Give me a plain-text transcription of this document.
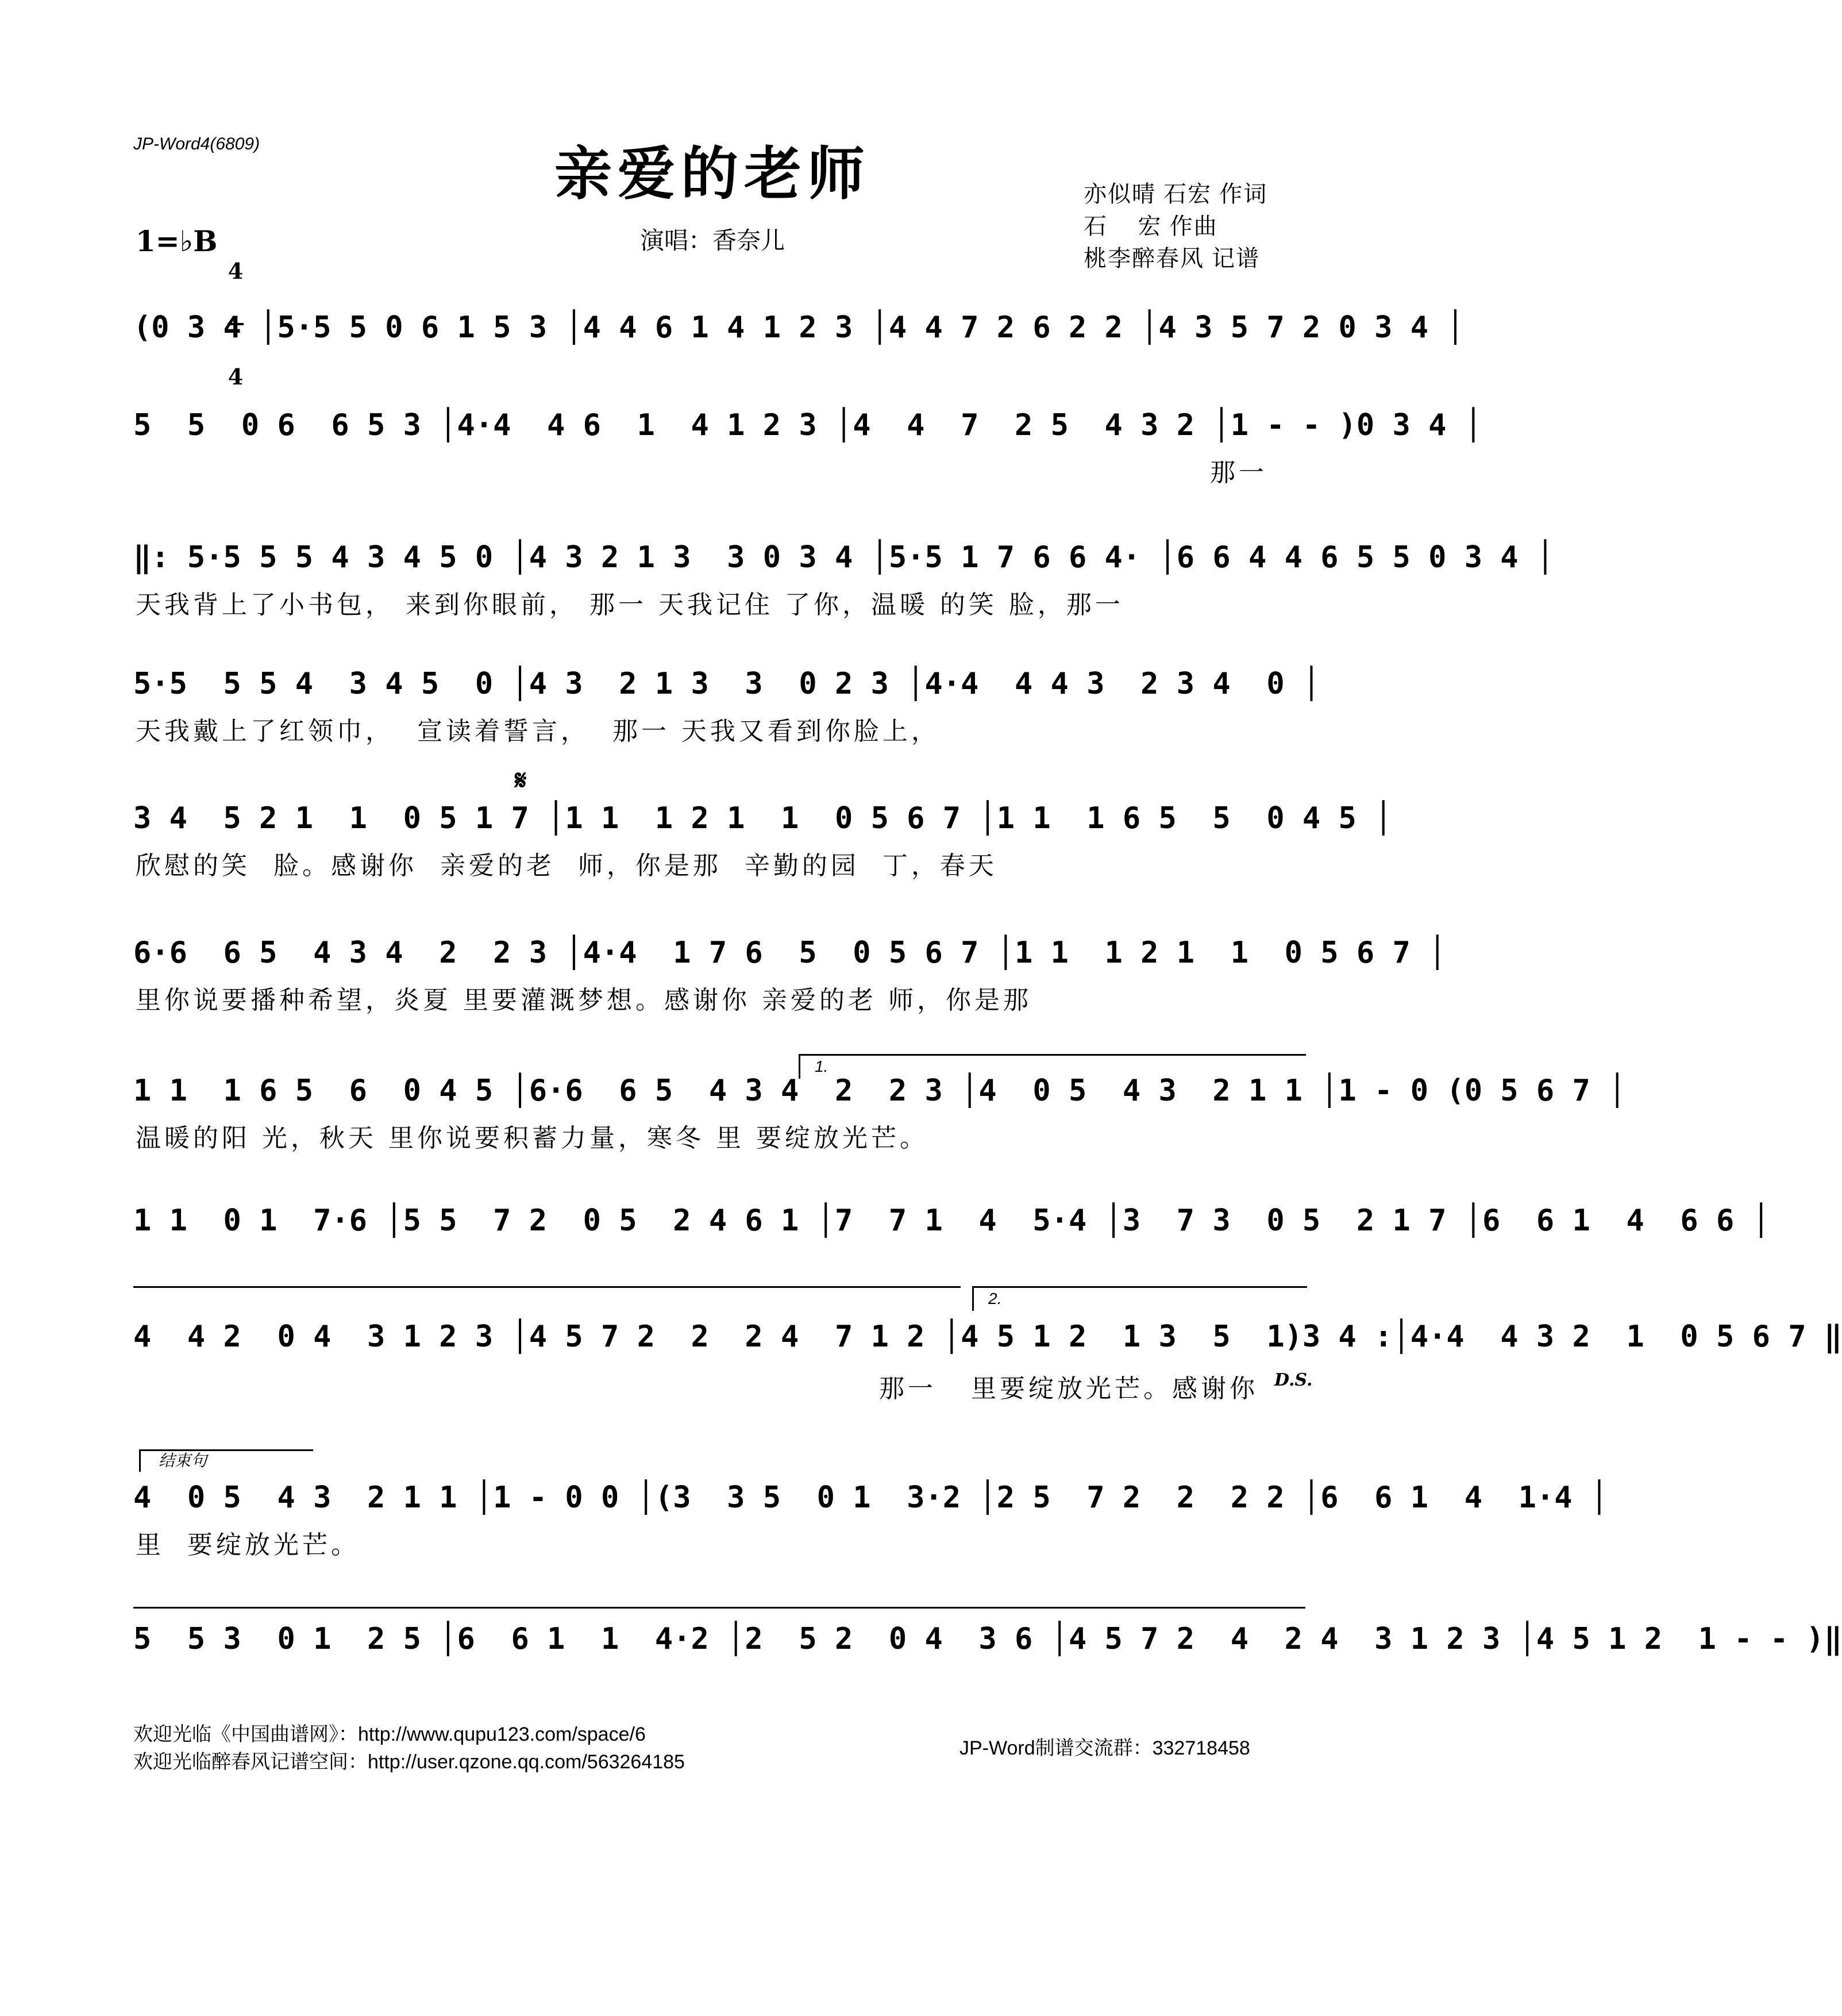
JP-Word4(6809)	亲爱的老师
演唱：香奈儿
亦似晴 石宏 作词
石    宏 作曲
桃李醉春风 记谱
1=♭B

4

4

(0 3 4 │5·5 5 0 6 1 5 3 │4 4 6 1 4 1 2 3 │4 4 7 2 6 2 2 │4 3 5 7 2 0 3 4 │
5  5  0 6  6 5 3 │4·4  4 6  1  4 1 2 3 │4  4  7  2 5  4 3 2 │1 - - )0 3 4 │
那一
‖: 5·5 5 5 4 3 4 5 0 │4 3 2 1 3  3 0 3 4 │5·5 1 7 6 6 4· │6 6 4 4 6 5 5 0 3 4 │
天我背上了小书包， 来到你眼前， 那一 天我记住 了你，温暖 的笑 脸，那一
5·5  5 5 4  3 4 5  0 │4 3  2 1 3  3  0 2 3 │4·4  4 4 3  2 3 4  0 │
天我戴上了红领巾，  宣读着誓言，  那一 天我又看到你脸上，
𝄋
3 4  5 2 1  1  0 5 1 7 │1 1  1 2 1  1  0 5 6 7 │1 1  1 6 5  5  0 4 5 │
欣慰的笑  脸。感谢你  亲爱的老  师，你是那  辛勤的园  丁，春天
6·6  6 5  4 3 4  2  2 3 │4·4  1 7 6  5  0 5 6 7 │1 1  1 2 1  1  0 5 6 7 │
里你说要播种希望，炎夏 里要灌溉梦想。感谢你 亲爱的老 师，你是那
1.
1 1  1 6 5  6  0 4 5 │6·6  6 5  4 3 4  2  2 3 │4  0 5  4 3  2 1 1 │1 - 0 (0 5 6 7 │
温暖的阳 光，秋天 里你说要积蓄力量，寒冬 里 要绽放光芒。
1 1  0 1  7·6 │5 5  7 2  0 5  2 4 6 1 │7  7 1  4  5·4 │3  7 3  0 5  2 1 7 │6  6 1  4  6 6 │
2.
4  4 2  0 4  3 1 2 3 │4 5 7 2  2  2 4  7 1 2 │4 5 1 2  1 3  5  1)3 4 :│4·4  4 3 2  1  0 5 6 7 ‖
那一   里要绽放光芒。感谢你 D.S.
结束句
4  0 5  4 3  2 1 1 │1 - 0 0 │(3  3 5  0 1  3·2 │2 5  7 2  2  2 2 │6  6 1  4  1·4 │
里  要绽放光芒。
5  5 3  0 1  2 5 │6  6 1  1  4·2 │2  5 2  0 4  3 6 │4 5 7 2  4  2 4  3 1 2 3 │4 5 1 2  1 - - )‖
欢迎光临《中国曲谱网》：http://www.qupu123.com/space/6
欢迎光临醉春风记谱空间：http://user.qzone.qq.com/563264185
JP-Word制谱交流群：332718458
